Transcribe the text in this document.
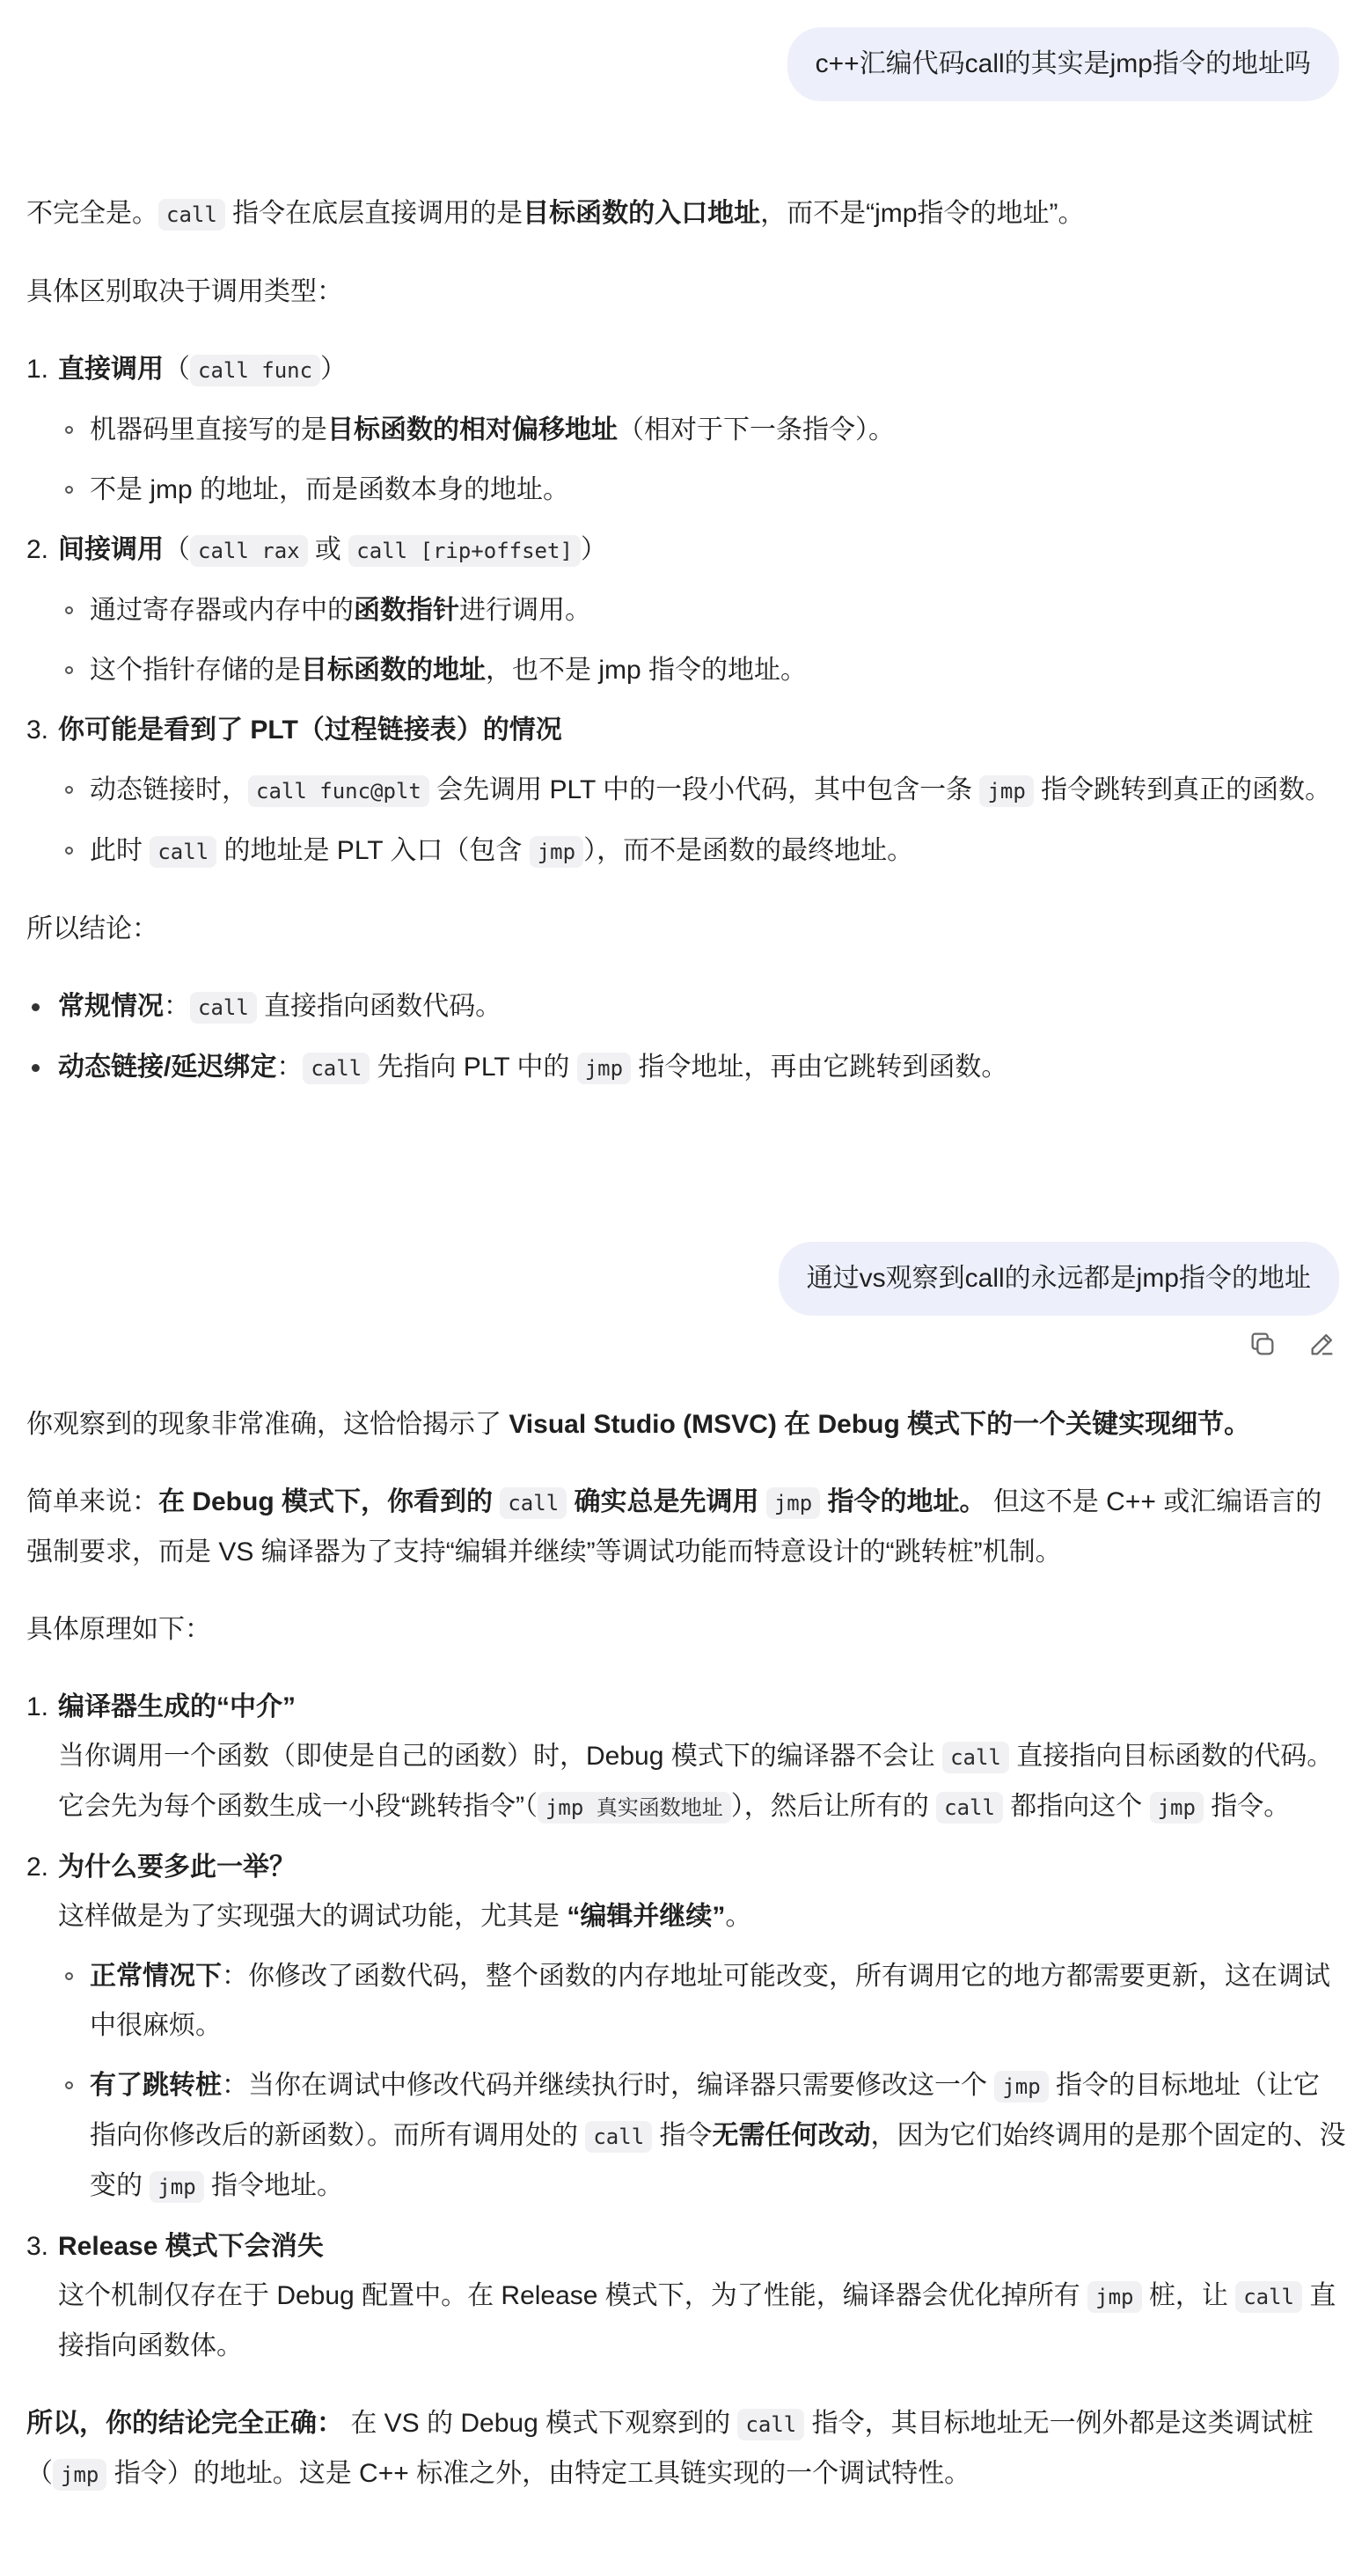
c++汇编代码call的其实是jmp指令的地址吗

不完全是。 call 指令在底层直接调用的是目标函数的入口地址，而不是“jmp指令的地址”。

具体区别取决于调用类型：

1. 直接调用（ call func ）
机器码里直接写的是目标函数的相对偏移地址（相对于下一条指令）。
不是 jmp 的地址，而是函数本身的地址。
2. 间接调用（ call rax 或 call [rip+offset] ）
通过寄存器或内存中的函数指针进行调用。
这个指针存储的是目标函数的地址，也不是 jmp 指令的地址。
3. 你可能是看到了 PLT（过程链接表）的情况
动态链接时， call func@plt 会先调用 PLT 中的一段小代码，其中包含一条 jmp 指令跳转到真正的函数。
此时 call 的地址是 PLT 入口（包含 jmp ），而不是函数的最终地址。

所以结论：

常规情况： call 直接指向函数代码。
动态链接/延迟绑定： call 先指向 PLT 中的 jmp 指令地址，再由它跳转到函数。
通过vs观察到call的永远都是jmp指令的地址

你观察到的现象非常准确，这恰恰揭示了 Visual Studio (MSVC) 在 Debug 模式下的一个关键实现细节。

简单来说：在 Debug 模式下，你看到的 call 确实总是先调用 jmp 指令的地址。 但这不是 C++ 或汇编语言的强制要求，而是 VS 编译器为了支持“编辑并继续”等调试功能而特意设计的“跳转桩”机制。

具体原理如下：

1. 编译器生成的“中介”
当你调用一个函数（即使是自己的函数）时，Debug 模式下的编译器不会让 call 直接指向目标函数的代码。它会先为每个函数生成一小段“跳转指令”（ jmp 真实函数地址 ），然后让所有的 call 都指向这个 jmp 指令。
2. 为什么要多此一举？
这样做是为了实现强大的调试功能，尤其是 “编辑并继续”。
正常情况下：你修改了函数代码，整个函数的内存地址可能改变，所有调用它的地方都需要更新，这在调试中很麻烦。
有了跳转桩：当你在调试中修改代码并继续执行时，编译器只需要修改这一个 jmp 指令的目标地址（让它指向你修改后的新函数）。而所有调用处的 call 指令无需任何改动，因为它们始终调用的是那个固定的、没变的 jmp 指令地址。
3. Release 模式下会消失
这个机制仅存在于 Debug 配置中。在 Release 模式下，为了性能，编译器会优化掉所有 jmp 桩，让 call 直接指向函数体。

所以，你的结论完全正确： 在 VS 的 Debug 模式下观察到的 call 指令，其目标地址无一例外都是这类调试桩（ jmp 指令）的地址。这是 C++ 标准之外，由特定工具链实现的一个调试特性。
